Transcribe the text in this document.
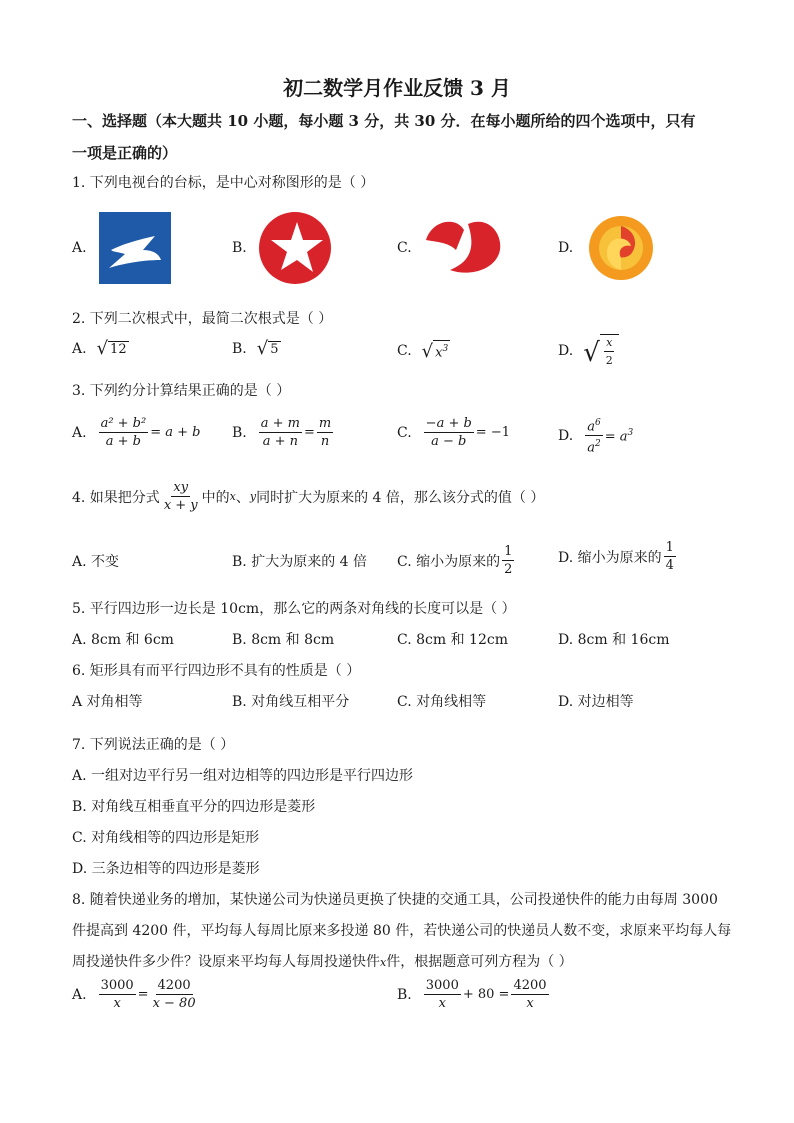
初二数学月作业反馈 3 月
一、选择题（本大题共 10 小题，每小题 3 分，共 30 分．在每小题所给的四个选项中，只有
一项是正确的）
1. 下列电视台的台标，是中心对称图形的是（ ）
A.	B.	C.	D.
2. 下列二次根式中，最简二次根式是（ ）
A. √ 12	B. √ 5	C. √ $x^3$	D. √ $\frac{x}{2}$
3. 下列约分计算结果正确的是（ ）
A. $\frac{\text{a² + b²}}{a + b} = a + b$ B. $\frac{a + m}{a + n} = \frac{m}{n}$	C. $\frac{-a + b}{a - b} = -1$	D. $\frac{a^6}{a^2} = a^3$
4. 如果把分式 $\frac{xy}{x + y}$ 中的 x 、 y 同时扩大为原来的 4 倍，那么该分式的值（ ）
A. 不变	B. 扩大为原来的 4 倍 C. 缩小为原来的 $\frac{1}{2}$	D. 缩小为原来的 $\frac{1}{4}$
5. 平行四边形一边长是 10cm，那么它的两条对角线的长度可以是（ ）
A. 8cm 和 6cm	B. 8cm 和 8cm	C. 8cm 和 12cm	D. 8cm 和 16cm
6. 矩形具有而平行四边形不具有的性质是（ ）
A 对角相等	B. 对角线互相平分	C. 对角线相等	D. 对边相等
7. 下列说法正确的是（ ）
A. 一组对边平行另一组对边相等的四边形是平行四边形
B. 对角线互相垂直平分的四边形是菱形
C. 对角线相等的四边形是矩形
D. 三条边相等的四边形是菱形
8. 随着快递业务的增加，某快递公司为快递员更换了快捷的交通工具，公司投递快件的能力由每周 3000
件提高到 4200 件，平均每人每周比原来多投递 80 件，若快递公司的快递员人数不变，求原来平均每人每
周投递快件多少件？设原来平均每人每周投递快件x件，根据题意可列方程为（ ）
A. $\frac{3000}{x} = \frac{4200}{x - 80}$	B. $\frac{3000}{x} + 80 = \frac{4200}{x}$
